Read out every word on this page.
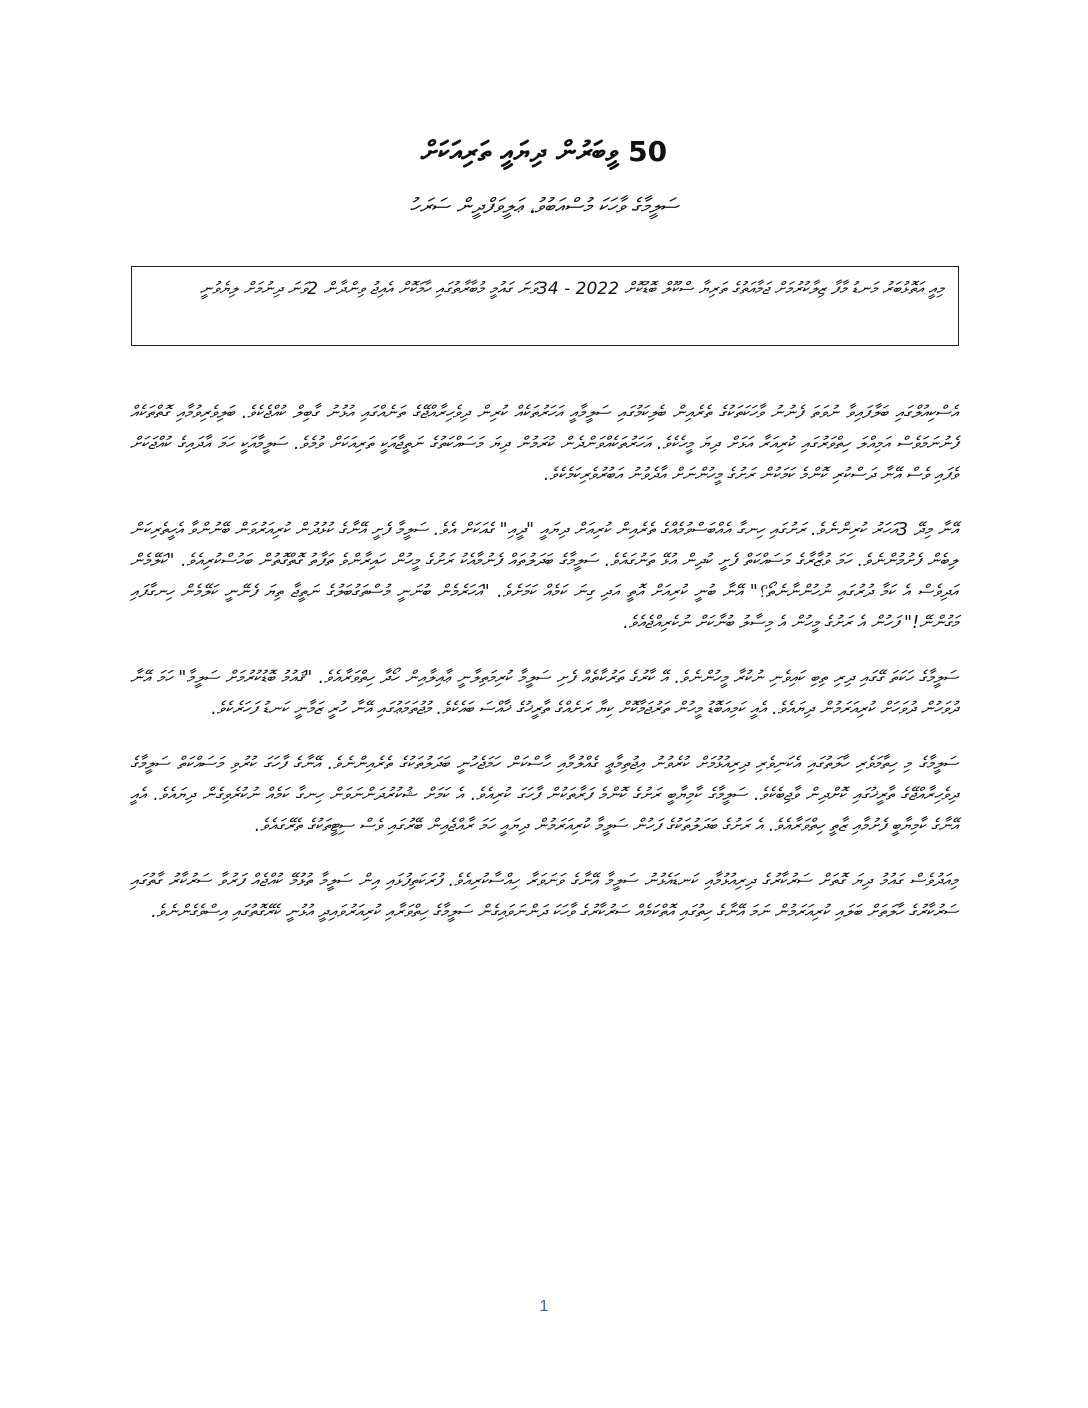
50 ވީބަރުން ދިޔައީ ތަރިއަކަށް
ސަލީމާގެ ވާހަކަ މުސްއަބުވު، ޢަލީވަފްދީން ސަރަހު
މިއީ އަތޮޅުބަރު މަނޑު މާފާ ޒިލާކުރުމަށް ޖަމާއަތުގެ ތަރިޔާ ސްކޫލް ބޮޑުކޮށް 2022 - 34ވަނަ ގައުމީ މުބާރާތުގައި ހާމަކޮށް އެއިޖު ވިންދާން 2ވަނަ ދިނުމަށް ލިޔެވުނީ

އެސްކިއުލްގައި ބަލާފައިވާ ނުވަތަ ފެނުނު ވާހަކަތަކުގެ ތެރެއިން ބެލިކަމުގައި ސަލީމާއީ އަހަރުތަކެއް ކުރިން ދިވެހިރާއްޖޭގެ ތަނެއްގައި އުޅުނު ގާބިލް ކުއްޖެކެވެ. ބަލިވެރިވުމާއި ގޮތްތަކެއް ފެނުނަމަވެސް އަމިއްލަ ހިތްވަރުގައި ކުރިއަރާ އަޅަށް ދިޔަ މީހެކެވެ. އަހަރުތަކެއްވަންދެން ކުރަމުން ދިޔަ މަސައްކަތުގެ ނަތީޖާއަކީ ތަރިއަކަށް ވުމެވެ. ސަލީމާއަކީ ހަމަ އާދައިގެ ކުއްޖަކަށް ވެފައި ވެސް އޭނާ ދަސްކުރި ކޮންމެ ކަމަކުން ރަށުގެ މީހުންނަށް އާދެވުނު އަބުރުވެރިކަމެކެވެ.

އޭނާ މިދޭ 3އަހަރު ކުރިންނެވެ. ރަށުގައި ހިނގާ އެއްބަސްވުމެއްގެ ތެރެއިން ކުރިއަށް ދިޔައީ "ދީއި" ގެއަކަށް އެވެ. ސަލީމާ ފެށީ އޭނާގެ ކުޅުދުން ކުރިއަރުވަން ބޭނުންވާ އެހީތެރިކަން ލިބެން ފެށުމުންނެވެ. ހަމަ ވުޒާރާގެ މަސައްކަތް ފެށީ ކުދިން އުޅޭ ތަނުގައެވެ. ސަލީމާގެ ބަދަލުތައް ފެނުމާއެކު ރަށުގެ މީހުން ހައިރާންވެ ތަފާތު ގޮތްގޮތުން ބަހުސްކުރިއެވެ. "ކަލޭމެން އަދިވެސް އެ ކަމާ ދުރުގައި ނުހުންނާނެތޯ؟" އޭނާ ބުނީ ކުރިއަށް އޮތީ އަދި ގިނަ ކަމެއް ކަމަށެވެ. "އަހަރެމެން ބުނަނީ މުސްތަގުބަލުގެ ނަތީޖާ ތިޔަ ފެނޭނީ ކަލޭމެން ހިނގާފައި މަގުންނޭ!" ފަހުން އެ ރަށުގެ މީހުން އެ މިސާލު ބުނާކަށް ނުކެރިއްޖެއެވެ.

ސަލީމާގެ ހަކަތަ ގޭގައި ދިރި ތިބި ކައިވެނި ނުކުރާ މީހުންނެވެ. އޭ ކާރުގެ ތަރުކާތެއް ފެށި ސަލީމާ ކުރިމަތިލާނީ ޢާއިލާއިން ހޯދާ ހިތްވަރާއެވެ. "ޤައުމު ބޮޑުކުރުމަށް ސަލީމާ" ހަމަ އޭނާ ދުވަހުން ދުވަހަށް ކުރިއަރަމުން ދިޔައެވެ. އެއީ ކަމިއަބޮޑު މީހުން ތަރުޖަމާކޮށް ކިޔާ ރަށެއްގެ ތާރީޚުގެ ޚާއްސަ ބައެކެވެ. މުޖުތަމަޢުގައި އޭނާ ހުރީ ޒަމާނީ ކަނޑު ފަހަރެކެވެ.

ސަލީމާގެ މި ހިތާމަވެރި ހާލަތުގައި އެކަނިވެރި ދިރިއުޅުމަށް ކުރެވުނު އިޖުތިމާޢީ ގެއްލުމާއި ހާސްކަން ހަމަޖެހުނީ ބަދަލުތަކުގެ ތެރެއިންނެވެ. އޭނާގެ ފާހަގަ ކުރުވި މަސައްކަތް ސަލީމާގެ ދިވެހިރާއްޖޭގެ ތާރީޚުގައި ކޮށްދިން ވާޖިބެކެވެ. ސަލީމާގެ ކާމިޔާބީ ރަށުގެ ކޮންމެ ފަރާތަކުން ފާހަގަ ކުރިއެވެ. އެ ކަމަށް ޝުކުރުދަންނަވަން ހިނގާ ކަމެއް ނުކުރެވިގެން ދިޔައެވެ. އެއީ އޭނާގެ ކާމިޔާބީ ފެށުމާއި ޒާތީ ހިތްވަރާއެވެ. އެ ރަށުގެ ބަދަލުތަކުގެ ފަހުން ސަލީމާ ކުރިއަރަމުން ދިޔައީ ހަމަ ރާއްޖެއިން ބޭރުގައި ވެސް ސިޓީތަކުގެ ތެރޭގައެވެ.

މިއަދުވެސް ގައުމު ދިޔަ ގޮތަށް ސަރުކާރުގެ ދިރިއުޅުމާއި ކަނޑައެޅުނު ސަލީމާ އޭނާގެ ވަނަވަރާ ހިއްސާކުރިއެވެ. ފުރަކަތިފުޅައި އިން ސަލީމާ ތުޅުމޭ ކުއްޖެއް ފަރުވާ ސަރުކާރު ގާތުގައި ސަރުކާރުގެ ހާލަތަށް ބަލައި ކުރިއަރަމުން ނަމަ އޭނާގެ ހިތުގައި އޮތްކަމެއް ސަރުކާރުގެ ވާހަކަ ދަންނަވައިގެން ސަލީމާގެ ހިތްވަރާއި ކުރިއަރުވައިދީ އުޅުނީ ކެރޭގޮތުގައި އިސްވެގެންނެވެ.

1
